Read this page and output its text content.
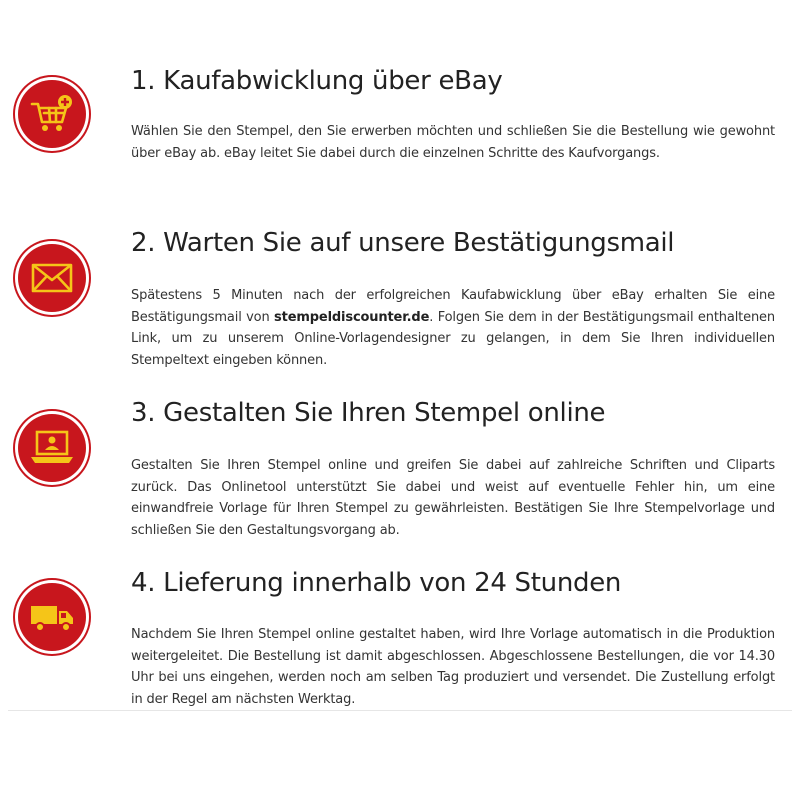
1. Kaufabwicklung über eBay
Wählen Sie den Stempel, den Sie erwerben möchten und schließen Sie die Bestellung wie gewohnt über eBay ab. eBay leitet Sie dabei durch die einzelnen Schritte des Kaufvorgangs.
2. Warten Sie auf unsere Bestätigungsmail
Spätestens 5 Minuten nach der erfolgreichen Kaufabwicklung über eBay erhalten Sie eine Bestätigungsmail von stempeldiscounter.de. Folgen Sie dem in der Bestätigungsmail enthaltenen Link, um zu unserem Online-Vorlagendesigner zu gelangen, in dem Sie Ihren individuellen Stempeltext eingeben können.
3. Gestalten Sie Ihren Stempel online
Gestalten Sie Ihren Stempel online und greifen Sie dabei auf zahlreiche Schriften und Cliparts zurück. Das Onlinetool unterstützt Sie dabei und weist auf eventuelle Fehler hin, um eine einwandfreie Vorlage für Ihren Stempel zu gewährleisten. Bestätigen Sie Ihre Stempelvorlage und schließen Sie den Gestaltungsvorgang ab.
4. Lieferung innerhalb von 24 Stunden
Nachdem Sie Ihren Stempel online gestaltet haben, wird Ihre Vorlage automatisch in die Produktion weitergeleitet. Die Bestellung ist damit abgeschlossen. Abgeschlossene Bestellungen, die vor 14.30 Uhr bei uns eingehen, werden noch am selben Tag produziert und versendet. Die Zustellung erfolgt in der Regel am nächsten Werktag.
